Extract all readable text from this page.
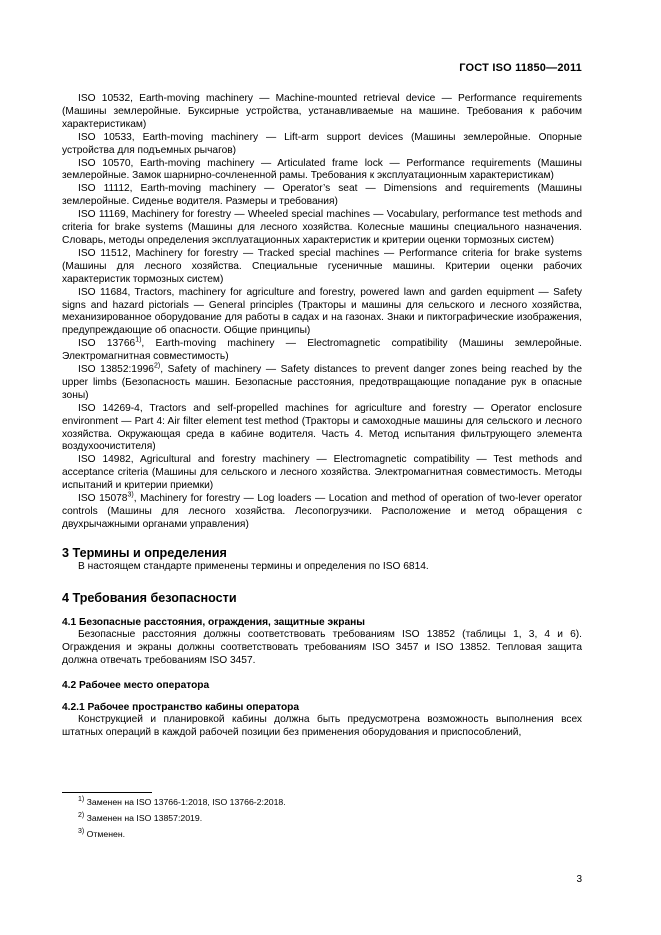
ГОСТ ISO 11850—2011

ISO 10532, Earth-moving machinery — Machine-mounted retrieval device — Performance requirements (Машины землеройные. Буксирные устройства, устанавливаемые на машине. Требования к рабочим характеристикам)

ISO 10533, Earth-moving machinery — Lift-arm support devices (Машины землеройные. Опорные устройства для подъемных рычагов)

ISO 10570, Earth-moving machinery — Articulated frame lock — Performance requirements (Машины землеройные. Замок шарнирно-сочлененной рамы. Требования к эксплуатационным характеристикам)

ISO 11112, Earth-moving machinery — Operator’s seat — Dimensions and requirements (Машины землеройные. Сиденье водителя. Размеры и требования)

ISO 11169, Machinery for forestry — Wheeled special machines — Vocabulary, performance test methods and criteria for brake systems (Машины для лесного хозяйства. Колесные машины специального назначения. Словарь, методы определения эксплуатационных характеристик и критерии оценки тормозных систем)

ISO 11512, Machinery for forestry — Tracked special machines — Performance criteria for brake systems (Машины для лесного хозяйства. Специальные гусеничные машины. Критерии оценки рабочих характеристик тормозных систем)

ISO 11684, Tractors, machinery for agriculture and forestry, powered lawn and garden equipment — Safety signs and hazard pictorials — General principles (Тракторы и машины для сельского и лесного хозяйства, механизированное оборудование для работы в садах и на газонах. Знаки и пиктографические изображения, предупреждающие об опасности. Общие принципы)

ISO 13766$^{1)}$, Earth-moving machinery — Electromagnetic compatibility (Машины землеройные. Электромагнитная совместимость)

ISO 13852:1996$^{2)}$, Safety of machinery — Safety distances to prevent danger zones being reached by the upper limbs (Безопасность машин. Безопасные расстояния, предотвращающие попадание рук в опасные зоны)

ISO 14269-4, Tractors and self-propelled machines for agriculture and forestry — Operator enclosure environment — Part 4: Air filter element test method (Тракторы и самоходные машины для сельского и лесного хозяйства. Окружающая среда в кабине водителя. Часть 4. Метод испытания фильтрующего элемента воздухоочистителя)

ISO 14982, Agricultural and forestry machinery — Electromagnetic compatibility — Test methods and acceptance criteria (Машины для сельского и лесного хозяйства. Электромагнитная совместимость. Методы испытаний и критерии приемки)

ISO 15078$^{3)}$, Machinery for forestry — Log loaders — Location and method of operation of two-lever operator controls (Машины для лесного хозяйства. Лесопогрузчики. Расположение и метод обращения с двухрычажными органами управления)

3 Термины и определения

В настоящем стандарте применены термины и определения по ISO 6814.

4 Требования безопасности
4.1 Безопасные расстояния, ограждения, защитные экраны

Безопасные расстояния должны соответствовать требованиям ISO 13852 (таблицы 1, 3, 4 и 6). Ограждения и экраны должны соответствовать требованиям ISO 3457 и ISO 13852. Тепловая защита должна отвечать требованиям ISO 3457.

4.2 Рабочее место оператора
4.2.1 Рабочее пространство кабины оператора

Конструкцией и планировкой кабины должна быть предусмотрена возможность выполнения всех штатных операций в каждой рабочей позиции без применения оборудования и приспособлений,

$^{1)}$ Заменен на ISO 13766-1:2018, ISO 13766-2:2018.

$^{2)}$ Заменен на ISO 13857:2019.

$^{3)}$ Отменен.

3
